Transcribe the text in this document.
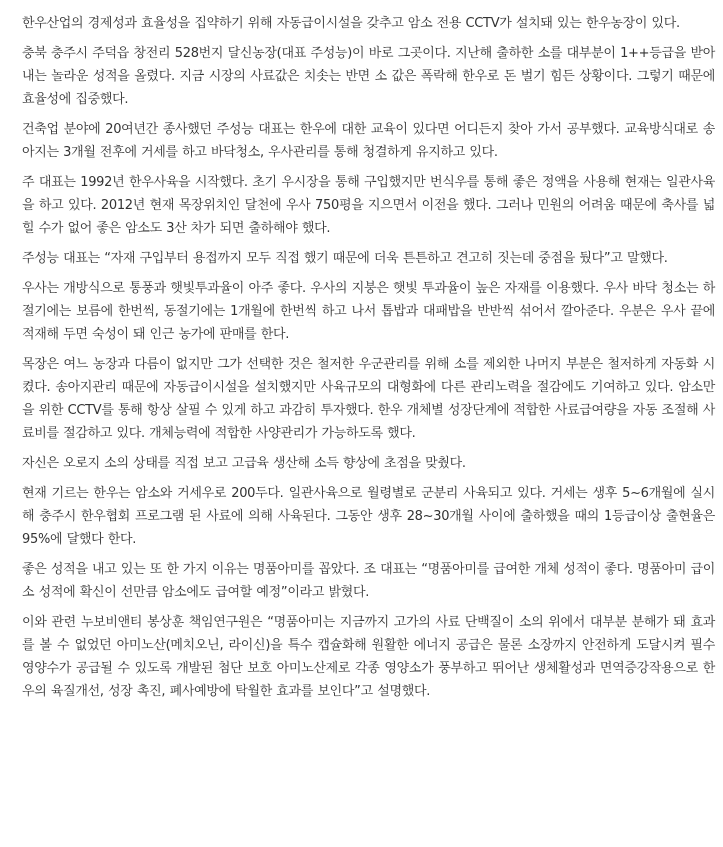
한우산업의 경제성과 효율성을 집약하기 위해 자동급이시설을 갖추고 암소 전용 CCTV가 설치돼 있는 한우농장이 있다.

충북 충주시 주덕읍 창전리 528번지 달신농장(대표 주성능)이 바로 그곳이다. 지난해 출하한 소를 대부분이 1++등급을 받아내는 놀라운 성적을 올렸다. 지금 시장의 사료값은 치솟는 반면 소 값은 폭락해 한우로 돈 벌기 힘든 상황이다. 그렇기 때문에 효율성에 집중했다.

건축업 분야에 20여년간 종사했던 주성능 대표는 한우에 대한 교육이 있다면 어디든지 찾아 가서 공부했다. 교육방식대로 송아지는 3개월 전후에 거세를 하고 바닥청소, 우사관리를 통해 청결하게 유지하고 있다.

주 대표는 1992년 한우사육을 시작했다. 초기 우시장을 통해 구입했지만 번식우를 통해 좋은 정액을 사용해 현재는 일관사육을 하고 있다. 2012년 현재 목장위치인 달천에 우사 750평을 지으면서 이전을 했다. 그러나 민원의 어려움 때문에 축사를 넓힐 수가 없어 좋은 암소도 3산 차가 되면 출하해야 했다.

주성능 대표는 “자재 구입부터 용접까지 모두 직접 했기 때문에 더욱 튼튼하고 견고히 짓는데 중점을 뒀다”고 말했다.

우사는 개방식으로 통풍과 햇빛투과율이 아주 좋다. 우사의 지붕은 햇빛 투과율이 높은 자재를 이용했다. 우사 바닥 청소는 하절기에는 보름에 한번씩, 동절기에는 1개월에 한번씩 하고 나서 톱밥과 대패밥을 반반씩 섞어서 깔아준다. 우분은 우사 끝에 적재해 두면 숙성이 돼 인근 농가에 판매를 한다.

목장은 여느 농장과 다름이 없지만 그가 선택한 것은 철저한 우군관리를 위해 소를 제외한 나머지 부분은 철저하게 자동화 시켰다. 송아지관리 때문에 자동급이시설을 설치했지만 사육규모의 대형화에 다른 관리노력을 절감에도 기여하고 있다. 암소만을 위한 CCTV를 통해 항상 살필 수 있게 하고 과감히 투자했다. 한우 개체별 성장단계에 적합한 사료급여량을 자동 조절해 사료비를 절감하고 있다. 개체능력에 적합한 사양관리가 가능하도록 했다.

자신은 오로지 소의 상태를 직접 보고 고급육 생산해 소득 향상에 초점을 맞췄다.

현재 기르는 한우는 암소와 거세우로 200두다. 일관사육으로 월령별로 군분리 사육되고 있다. 거세는 생후 5~6개월에 실시해 충주시 한우협회 프로그램 된 사료에 의해 사육된다. 그동안 생후 28~30개월 사이에 출하했을 때의 1등급이상 출현율은 95%에 달했다 한다.

좋은 성적을 내고 있는 또 한 가지 이유는 명품아미를 꼽았다. 조 대표는 “명품아미를 급여한 개체 성적이 좋다. 명품아미 급이 소 성적에 확신이 선만큼 암소에도 급여할 예정”이라고 밝혔다.

이와 관련 누보비앤티 봉상훈 책임연구원은 “명품아미는 지금까지 고가의 사료 단백질이 소의 위에서 대부분 분해가 돼 효과를 볼 수 없었던 아미노산(메치오닌, 라이신)을 특수 캡슐화해 원활한 에너지 공급은 물론 소장까지 안전하게 도달시켜 필수 영양수가 공급될 수 있도록 개발된 첨단 보호 아미노산제로 각종 영양소가 풍부하고 뛰어난 생체활성과 면역증강작용으로 한우의 육질개선, 성장 촉진, 폐사예방에 탁월한 효과를 보인다”고 설명했다.
